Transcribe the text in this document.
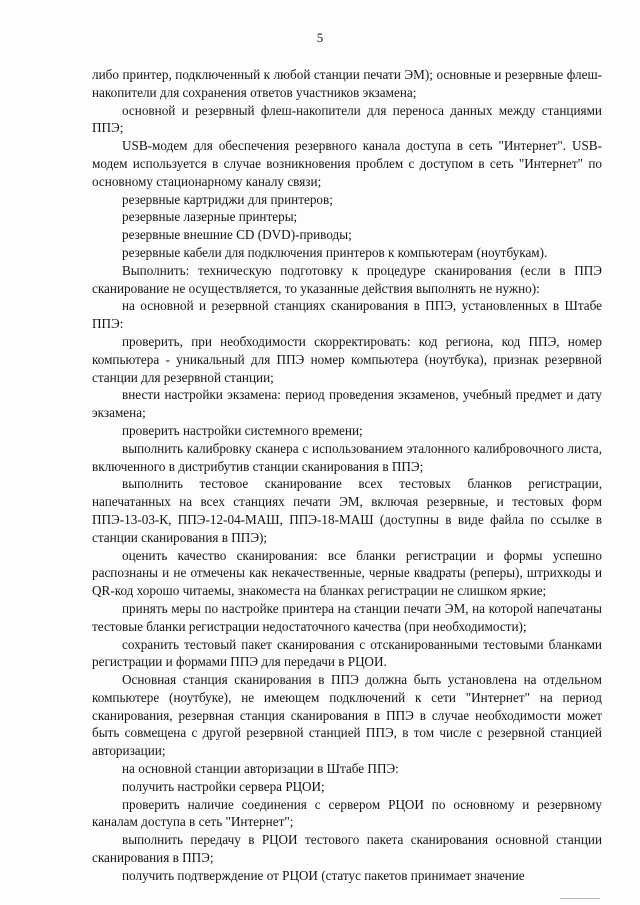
5

либо принтер, подключенный к любой станции печати ЭМ); основные и резервные флеш-накопители для сохранения ответов участников экзамена;

основной и резервный флеш-накопители для переноса данных между станциями ППЭ;

USB-модем для обеспечения резервного канала доступа в сеть "Интернет". USB-модем используется в случае возникновения проблем с доступом в сеть "Интернет" по основному стационарному каналу связи;

резервные картриджи для принтеров;

резервные лазерные принтеры;

резервные внешние CD (DVD)-приводы;

резервные кабели для подключения принтеров к компьютерам (ноутбукам).

Выполнить: техническую подготовку к процедуре сканирования (если в ППЭ сканирование не осуществляется, то указанные действия выполнять не нужно):

на основной и резервной станциях сканирования в ППЭ, установленных в Штабе ППЭ:

проверить, при необходимости скорректировать: код региона, код ППЭ, номер компьютера - уникальный для ППЭ номер компьютера (ноутбука), признак резервной станции для резервной станции;

внести настройки экзамена: период проведения экзаменов, учебный предмет и дату экзамена;

проверить настройки системного времени;

выполнить калибровку сканера с использованием эталонного калибровочного листа, включенного в дистрибутив станции сканирования в ППЭ;

выполнить тестовое сканирование всех тестовых бланков регистрации, напечатанных на всех станциях печати ЭМ, включая резервные, и тестовых форм ППЭ-13-03-К, ППЭ-12-04-МАШ, ППЭ-18-МАШ (доступны в виде файла по ссылке в станции сканирования в ППЭ);

оценить качество сканирования: все бланки регистрации и формы успешно распознаны и не отмечены как некачественные, черные квадраты (реперы), штрихкоды и QR-код хорошо читаемы, знакоместа на бланках регистрации не слишком яркие;

принять меры по настройке принтера на станции печати ЭМ, на которой напечатаны тестовые бланки регистрации недостаточного качества (при необходимости);

сохранить тестовый пакет сканирования с отсканированными тестовыми бланками регистрации и формами ППЭ для передачи в РЦОИ.

Основная станция сканирования в ППЭ должна быть установлена на отдельном компьютере (ноутбуке), не имеющем подключений к сети "Интернет" на период сканирования, резервная станция сканирования в ППЭ в случае необходимости может быть совмещена с другой резервной станцией ППЭ, в том числе с резервной станцией авторизации;

на основной станции авторизации в Штабе ППЭ:

получить настройки сервера РЦОИ;

проверить наличие соединения с сервером РЦОИ по основному и резервному каналам доступа в сеть "Интернет";

выполнить передачу в РЦОИ тестового пакета сканирования основной станции сканирования в ППЭ;

получить подтверждение от РЦОИ (статус пакетов принимает значение
